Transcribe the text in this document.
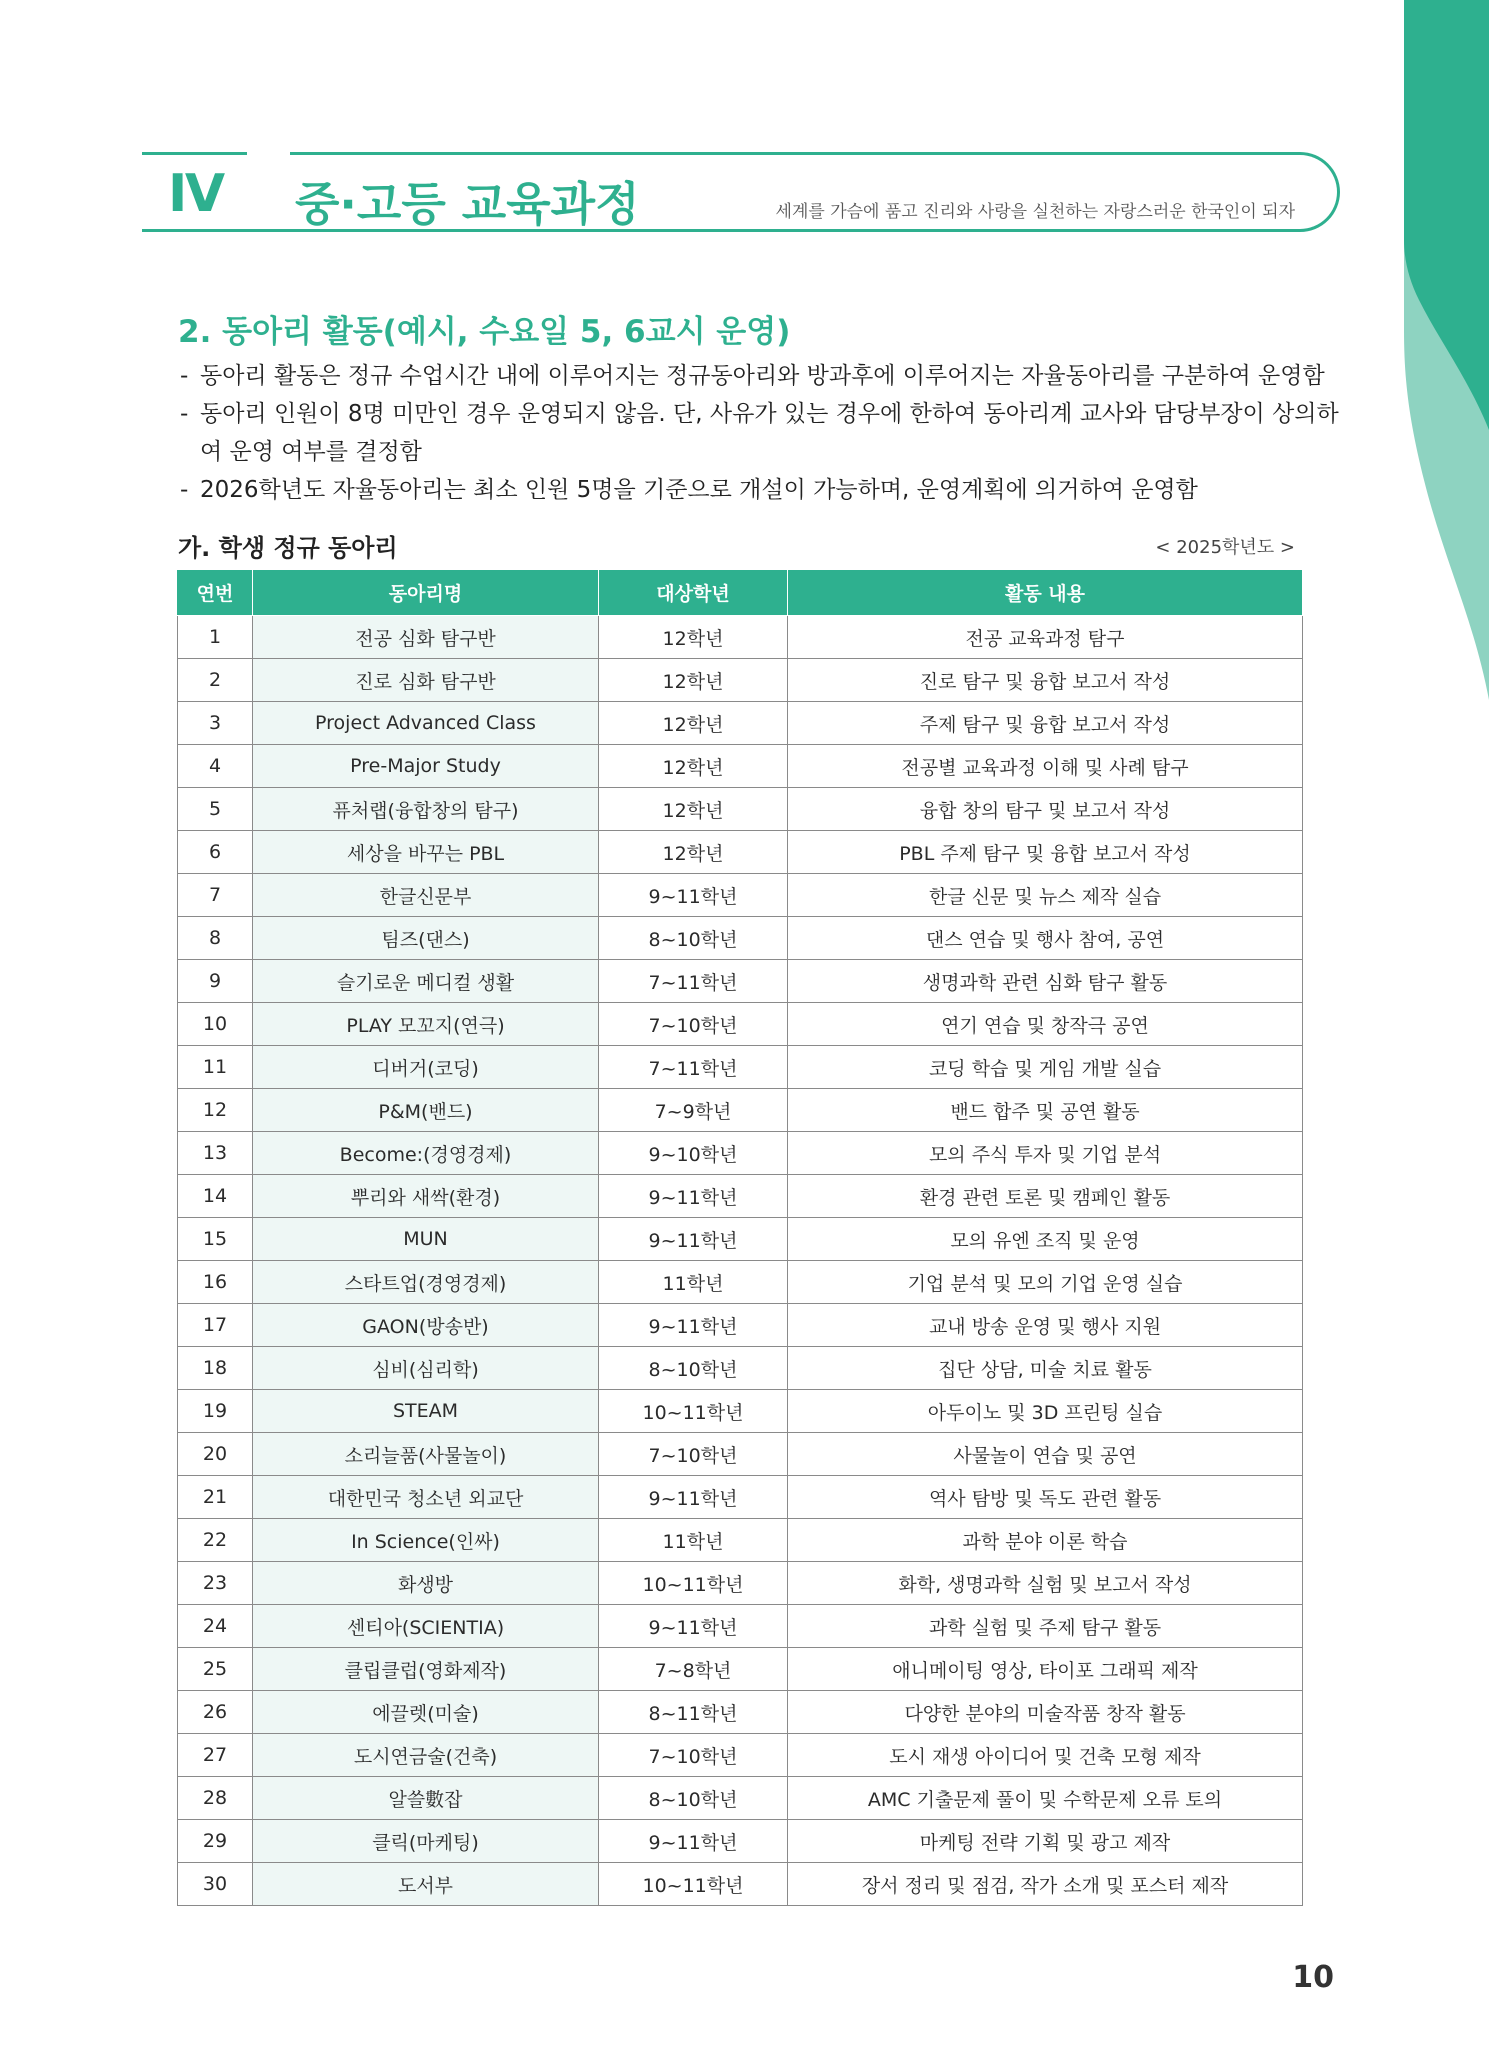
Ⅳ 중·고등 교육과정	세계를 가슴에 품고 진리와 사랑을 실천하는 자랑스러운 한국인이 되자
2. 동아리 활동(예시, 수요일 5, 6교시 운영)
- 동아리 활동은 정규 수업시간 내에 이루어지는 정규동아리와 방과후에 이루어지는 자율동아리를 구분하여 운영함
- 동아리 인원이 8명 미만인 경우 운영되지 않음. 단, 사유가 있는 경우에 한하여 동아리계 교사와 담당부장이 상의하여 운영 여부를 결정함
- 2026학년도 자율동아리는 최소 인원 5명을 기준으로 개설이 가능하며, 운영계획에 의거하여 운영함
가. 학생 정규 동아리	< 2025학년도 >
연번	동아리명	대상학년	활동 내용
1	전공 심화 탐구반	12학년	전공 교육과정 탐구
2	진로 심화 탐구반	12학년	진로 탐구 및 융합 보고서 작성
3	Project Advanced Class	12학년	주제 탐구 및 융합 보고서 작성
4	Pre-Major Study	12학년	전공별 교육과정 이해 및 사례 탐구
5	퓨처랩(융합창의 탐구)	12학년	융합 창의 탐구 및 보고서 작성
6	세상을 바꾸는 PBL	12학년	PBL 주제 탐구 및 융합 보고서 작성
7	한글신문부	9~11학년	한글 신문 및 뉴스 제작 실습
8	팀즈(댄스)	8~10학년	댄스 연습 및 행사 참여, 공연
9	슬기로운 메디컬 생활	7~11학년	생명과학 관련 심화 탐구 활동
10	PLAY 모꼬지(연극)	7~10학년	연기 연습 및 창작극 공연
11	디버거(코딩)	7~11학년	코딩 학습 및 게임 개발 실습
12	P&M(밴드)	7~9학년	밴드 합주 및 공연 활동
13	Become:(경영경제)	9~10학년	모의 주식 투자 및 기업 분석
14	뿌리와 새싹(환경)	9~11학년	환경 관련 토론 및 캠페인 활동
15	MUN	9~11학년	모의 유엔 조직 및 운영
16	스타트업(경영경제)	11학년	기업 분석 및 모의 기업 운영 실습
17	GAON(방송반)	9~11학년	교내 방송 운영 및 행사 지원
18	심비(심리학)	8~10학년	집단 상담, 미술 치료 활동
19	STEAM	10~11학년	아두이노 및 3D 프린팅 실습
20	소리늘품(사물놀이)	7~10학년	사물놀이 연습 및 공연
21	대한민국 청소년 외교단	9~11학년	역사 탐방 및 독도 관련 활동
22	In Science(인싸)	11학년	과학 분야 이론 학습
23	화생방	10~11학년	화학, 생명과학 실험 및 보고서 작성
24	센티아(SCIENTIA)	9~11학년	과학 실험 및 주제 탐구 활동
25	클립클럽(영화제작)	7~8학년	애니메이팅 영상, 타이포 그래픽 제작
26	에끌렛(미술)	8~11학년	다양한 분야의 미술작품 창작 활동
27	도시연금술(건축)	7~10학년	도시 재생 아이디어 및 건축 모형 제작
28	알쓸數잡	8~10학년	AMC 기출문제 풀이 및 수학문제 오류 토의
29	클릭(마케팅)	9~11학년	마케팅 전략 기획 및 광고 제작
30	도서부	10~11학년	장서 정리 및 점검, 작가 소개 및 포스터 제작
10
